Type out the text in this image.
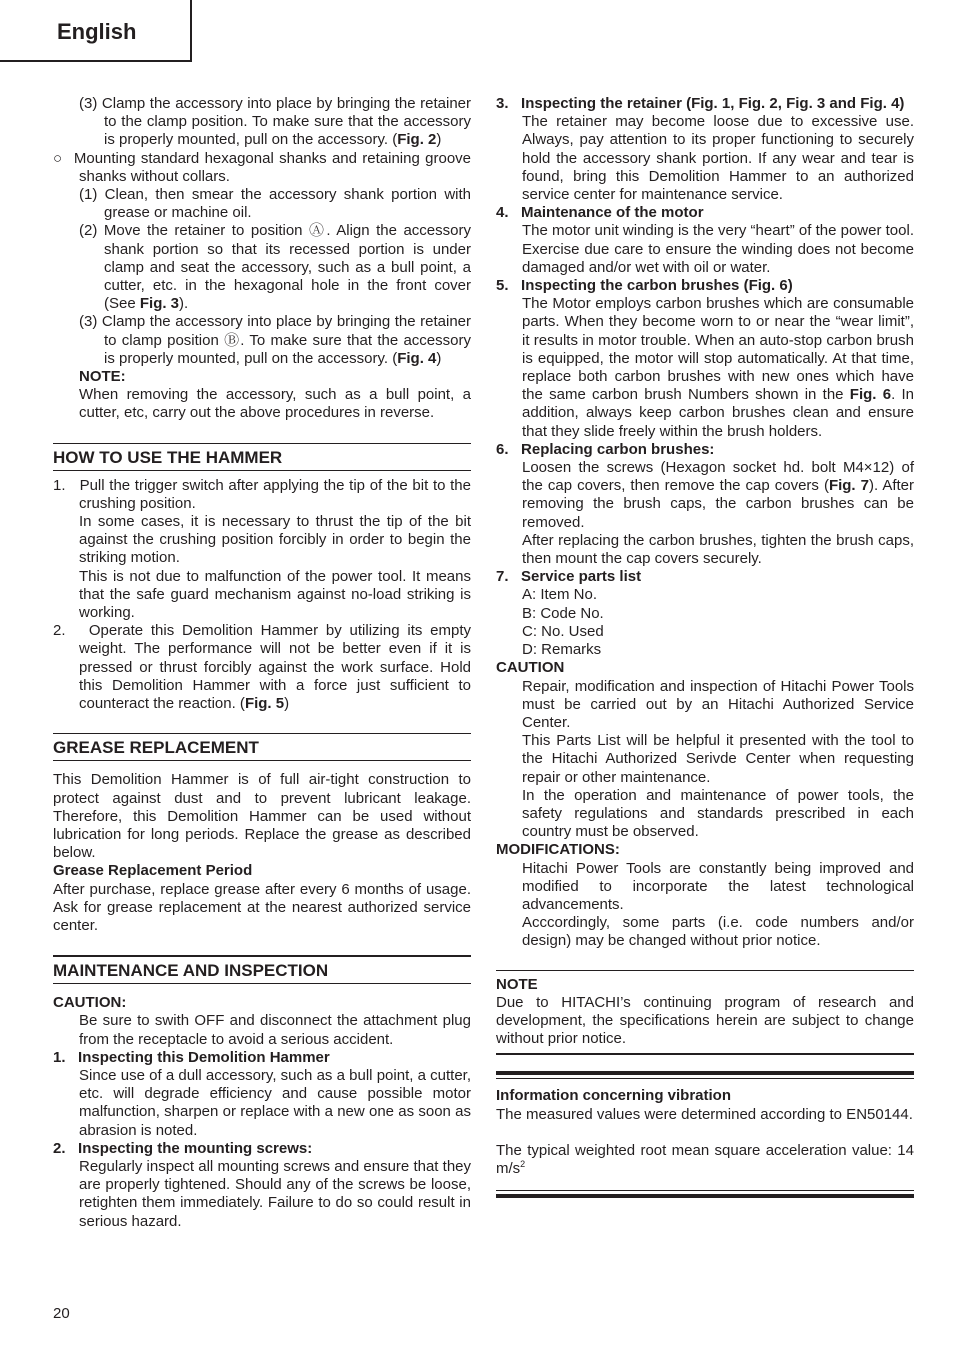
English

(3) Clamp the accessory into place by bringing the retainer to the clamp position. To make sure that the accessory is properly mounted, pull on the accessory. (Fig. 2)

○ Mounting standard hexagonal shanks and retaining groove shanks without collars.

(1) Clean, then smear the accessory shank portion with grease or machine oil.

(2) Move the retainer to position Ⓐ. Align the accessory shank portion so that its recessed portion is under clamp and seat the accessory, such as a bull point, a cutter, etc. in the hexagonal hole in the front cover (See Fig. 3).

(3) Clamp the accessory into place by bringing the retainer to clamp position Ⓑ. To make sure that the accessory is properly mounted, pull on the accessory. (Fig. 4)

NOTE:

When removing the accessory, such as a bull point, a cutter, etc, carry out the above procedures in reverse.

HOW TO USE THE HAMMER

1. Pull the trigger switch after applying the tip of the bit to the crushing position.

In some cases, it is necessary to thrust the tip of the bit against the crushing position forcibly in order to begin the striking motion.

This is not due to malfunction of the power tool. It means that the safe guard mechanism against no-load striking is working.

2. Operate this Demolition Hammer by utilizing its empty weight. The performance will not be better even if it is pressed or thrust forcibly against the work surface. Hold this Demolition Hammer with a force just sufficient to counteract the reaction. (Fig. 5)

GREASE REPLACEMENT

This Demolition Hammer is of full air-tight construction to protect against dust and to prevent lubricant leakage. Therefore, this Demolition Hammer can be used without lubrication for long periods. Replace the grease as described below.

Grease Replacement Period

After purchase, replace grease after every 6 months of usage. Ask for grease replacement at the nearest authorized service center.

MAINTENANCE AND INSPECTION

CAUTION:

Be sure to swith OFF and disconnect the attachment plug from the receptacle to avoid a serious accident.

1. Inspecting this Demolition Hammer

Since use of a dull accessory, such as a bull point, a cutter, etc. will degrade efficiency and cause possible motor malfunction, sharpen or replace with a new one as soon as abrasion is noted.

2. Inspecting the mounting screws:

Regularly inspect all mounting screws and ensure that they are properly tightened. Should any of the screws be loose, retighten them immediately. Failure to do so could result in serious hazard.

3. Inspecting the retainer (Fig. 1, Fig. 2, Fig. 3 and Fig. 4)

The retainer may become loose due to excessive use. Always, pay attention to its proper functioning to securely hold the accessory shank portion. If any wear and tear is found, bring this Demolition Hammer to an authorized service center for maintenance service.

4. Maintenance of the motor

The motor unit winding is the very “heart” of the power tool. Exercise due care to ensure the winding does not become damaged and/or wet with oil or water.

5. Inspecting the carbon brushes (Fig. 6)

The Motor employs carbon brushes which are consumable parts. When they become worn to or near the “wear limit”, it results in motor trouble. When an auto-stop carbon brush is equipped, the motor will stop automatically. At that time, replace both carbon brushes with new ones which have the same carbon brush Numbers shown in the Fig. 6. In addition, always keep carbon brushes clean and ensure that they slide freely within the brush holders.

6. Replacing carbon brushes:

Loosen the screws (Hexagon socket hd. bolt M4×12) of the cap covers, then remove the cap covers (Fig. 7). After removing the brush caps, the carbon brushes can be removed.

After replacing the carbon brushes, tighten the brush caps, then mount the cap covers securely.

7. Service parts list

A: Item No.

B: Code No.

C: No. Used

D: Remarks

CAUTION

Repair, modification and inspection of Hitachi Power Tools must be carried out by an Hitachi Authorized Service Center.

This Parts List will be helpful it presented with the tool to the Hitachi Authorized Serivde Center when requesting repair or other maintenance.

In the operation and maintenance of power tools, the safety regulations and standards prescribed in each country must be observed.

MODIFICATIONS:

Hitachi Power Tools are constantly being improved and modified to incorporate the latest technological advancements.

Acccordingly, some parts (i.e. code numbers and/or design) may be changed without prior notice.

NOTE

Due to HITACHI’s continuing program of research and development, the specifications herein are subject to change without prior notice.

Information concerning vibration

The measured values were determined according to EN50144.

The typical weighted root mean square acceleration value: 14 $m/s^2$

20
